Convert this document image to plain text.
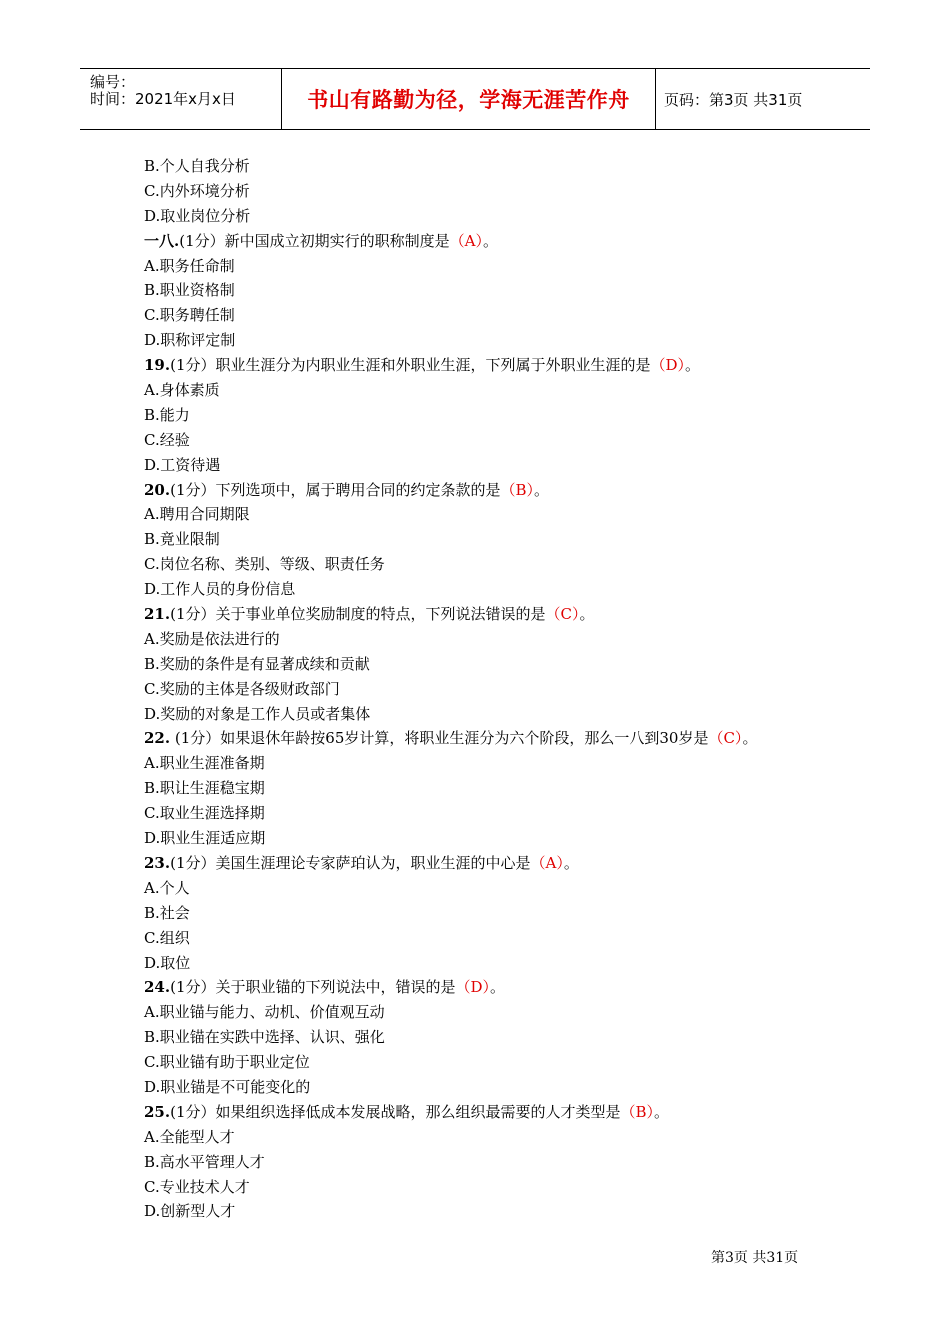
编号：
时间：2021年x月x日	书山有路勤为径，学海无涯苦作舟 页码：第3页 共31页
B.个人自我分析
C.内外环境分析
D.取业岗位分析
一八.(1分）新中国成立初期实行的职称制度是（A）。
A.职务任命制
B.职业资格制
C.职务聘任制
D.职称评定制
19.(1分）职业生涯分为内职业生涯和外职业生涯，下列属于外职业生涯的是（D）。
A.身体素质
B.能力
C.经验
D.工资待遇
20.(1分）下列选项中，属于聘用合同的约定条款的是（B）。
A.聘用合同期限
B.竟业限制
C.岗位名称、类别、等级、职责任务
D.工作人员的身份信息
21.(1分）关于事业单位奖励制度的特点，下列说法错误的是（C）。
A.奖励是依法进行的
B.奖励的条件是有显著成续和贡献
C.奖励的主体是各级财政部门
D.奖励的对象是工作人员或者集体
22. (1分）如果退休年龄按65岁计算，将职业生涯分为六个阶段，那么一八到30岁是（C）。
A.职业生涯准备期
B.职让生涯稳宝期
C.取业生涯选择期
D.职业生涯适应期
23.(1分）美国生涯理论专家萨珀认为，职业生涯的中心是（A）。
A.个人
B.社会
C.组织
D.取位
24.(1分）关于职业锚的下列说法中，错误的是（D）。
A.职业锚与能力、动机、价值观互动
B.职业锚在实跌中选择、认识、强化
C.职业锚有助于职业定位
D.职业锚是不可能变化的
25.(1分）如果组织选择低成本发展战略，那么组织最需要的人才类型是（B）。
A.全能型人才
B.高水平管理人才
C.专业技术人才
D.创新型人才
第3页 共31页
